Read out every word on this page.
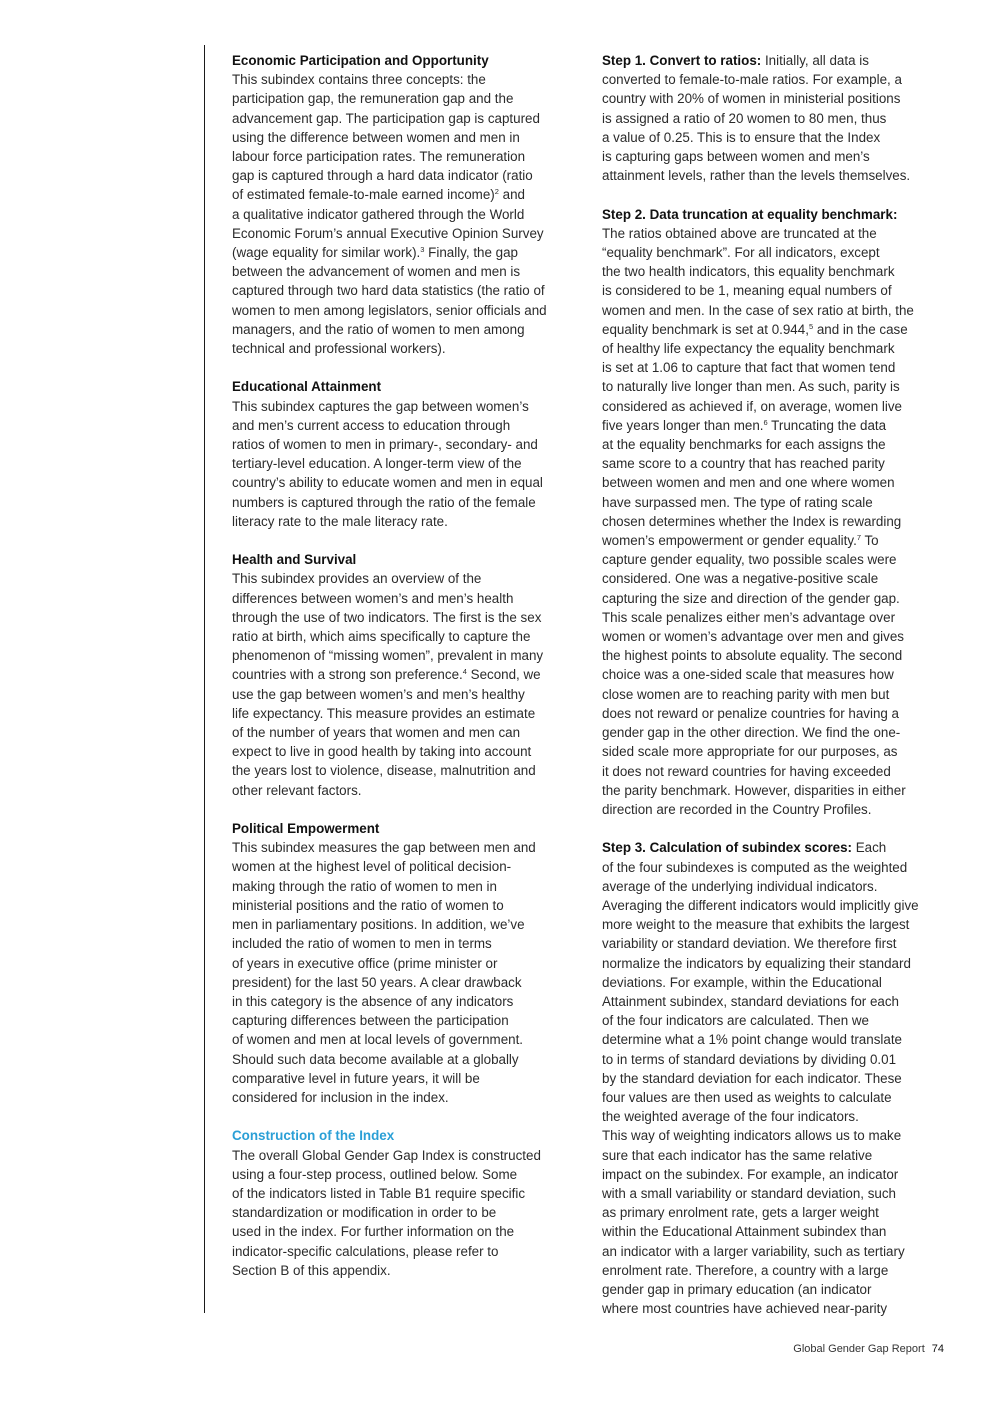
Economic Participation and Opportunity

This subindex contains three concepts: the
participation gap, the remuneration gap and the
advancement gap. The participation gap is captured
using the difference between women and men in
labour force participation rates. The remuneration
gap is captured through a hard data indicator (ratio
of estimated female-to-male earned income)$^2$ and
a qualitative indicator gathered through the World
Economic Forum’s annual Executive Opinion Survey
(wage equality for similar work).$^3$ Finally, the gap
between the advancement of women and men is
captured through two hard data statistics (the ratio of
women to men among legislators, senior officials and
managers, and the ratio of women to men among
technical and professional workers).

Educational Attainment

This subindex captures the gap between women’s
and men’s current access to education through
ratios of women to men in primary-, secondary- and
tertiary-level education. A longer-term view of the
country’s ability to educate women and men in equal
numbers is captured through the ratio of the female
literacy rate to the male literacy rate.

Health and Survival

This subindex provides an overview of the
differences between women’s and men’s health
through the use of two indicators. The first is the sex
ratio at birth, which aims specifically to capture the
phenomenon of “missing women”, prevalent in many
countries with a strong son preference.$^4$ Second, we
use the gap between women’s and men’s healthy
life expectancy. This measure provides an estimate
of the number of years that women and men can
expect to live in good health by taking into account
the years lost to violence, disease, malnutrition and
other relevant factors.

Political Empowerment

This subindex measures the gap between men and
women at the highest level of political decision-
making through the ratio of women to men in
ministerial positions and the ratio of women to
men in parliamentary positions. In addition, we’ve
included the ratio of women to men in terms
of years in executive office (prime minister or
president) for the last 50 years. A clear drawback
in this category is the absence of any indicators
capturing differences between the participation
of women and men at local levels of government.
Should such data become available at a globally
comparative level in future years, it will be
considered for inclusion in the index.

Construction of the Index

The overall Global Gender Gap Index is constructed
using a four-step process, outlined below. Some
of the indicators listed in Table B1 require specific
standardization or modification in order to be
used in the index. For further information on the
indicator-specific calculations, please refer to
Section B of this appendix.

Step 1. Convert to ratios: Initially, all data is
converted to female-to-male ratios. For example, a
country with 20% of women in ministerial positions
is assigned a ratio of 20 women to 80 men, thus
a value of 0.25. This is to ensure that the Index
is capturing gaps between women and men’s
attainment levels, rather than the levels themselves.

Step 2. Data truncation at equality benchmark:
The ratios obtained above are truncated at the
“equality benchmark”. For all indicators, except
the two health indicators, this equality benchmark
is considered to be 1, meaning equal numbers of
women and men. In the case of sex ratio at birth, the
equality benchmark is set at 0.944,$^5$ and in the case
of healthy life expectancy the equality benchmark
is set at 1.06 to capture that fact that women tend
to naturally live longer than men. As such, parity is
considered as achieved if, on average, women live
five years longer than men.$^6$ Truncating the data
at the equality benchmarks for each assigns the
same score to a country that has reached parity
between women and men and one where women
have surpassed men. The type of rating scale
chosen determines whether the Index is rewarding
women’s empowerment or gender equality.$^7$ To
capture gender equality, two possible scales were
considered. One was a negative-positive scale
capturing the size and direction of the gender gap.
This scale penalizes either men’s advantage over
women or women’s advantage over men and gives
the highest points to absolute equality. The second
choice was a one-sided scale that measures how
close women are to reaching parity with men but
does not reward or penalize countries for having a
gender gap in the other direction. We find the one-
sided scale more appropriate for our purposes, as
it does not reward countries for having exceeded
the parity benchmark. However, disparities in either
direction are recorded in the Country Profiles.

Step 3. Calculation of subindex scores: Each
of the four subindexes is computed as the weighted
average of the underlying individual indicators.
Averaging the different indicators would implicitly give
more weight to the measure that exhibits the largest
variability or standard deviation. We therefore first
normalize the indicators by equalizing their standard
deviations. For example, within the Educational
Attainment subindex, standard deviations for each
of the four indicators are calculated. Then we
determine what a 1% point change would translate
to in terms of standard deviations by dividing 0.01
by the standard deviation for each indicator. These
four values are then used as weights to calculate
the weighted average of the four indicators.
This way of weighting indicators allows us to make
sure that each indicator has the same relative
impact on the subindex. For example, an indicator
with a small variability or standard deviation, such
as primary enrolment rate, gets a larger weight
within the Educational Attainment subindex than
an indicator with a larger variability, such as tertiary
enrolment rate. Therefore, a country with a large
gender gap in primary education (an indicator
where most countries have achieved near-parity

Global Gender Gap Report 74
